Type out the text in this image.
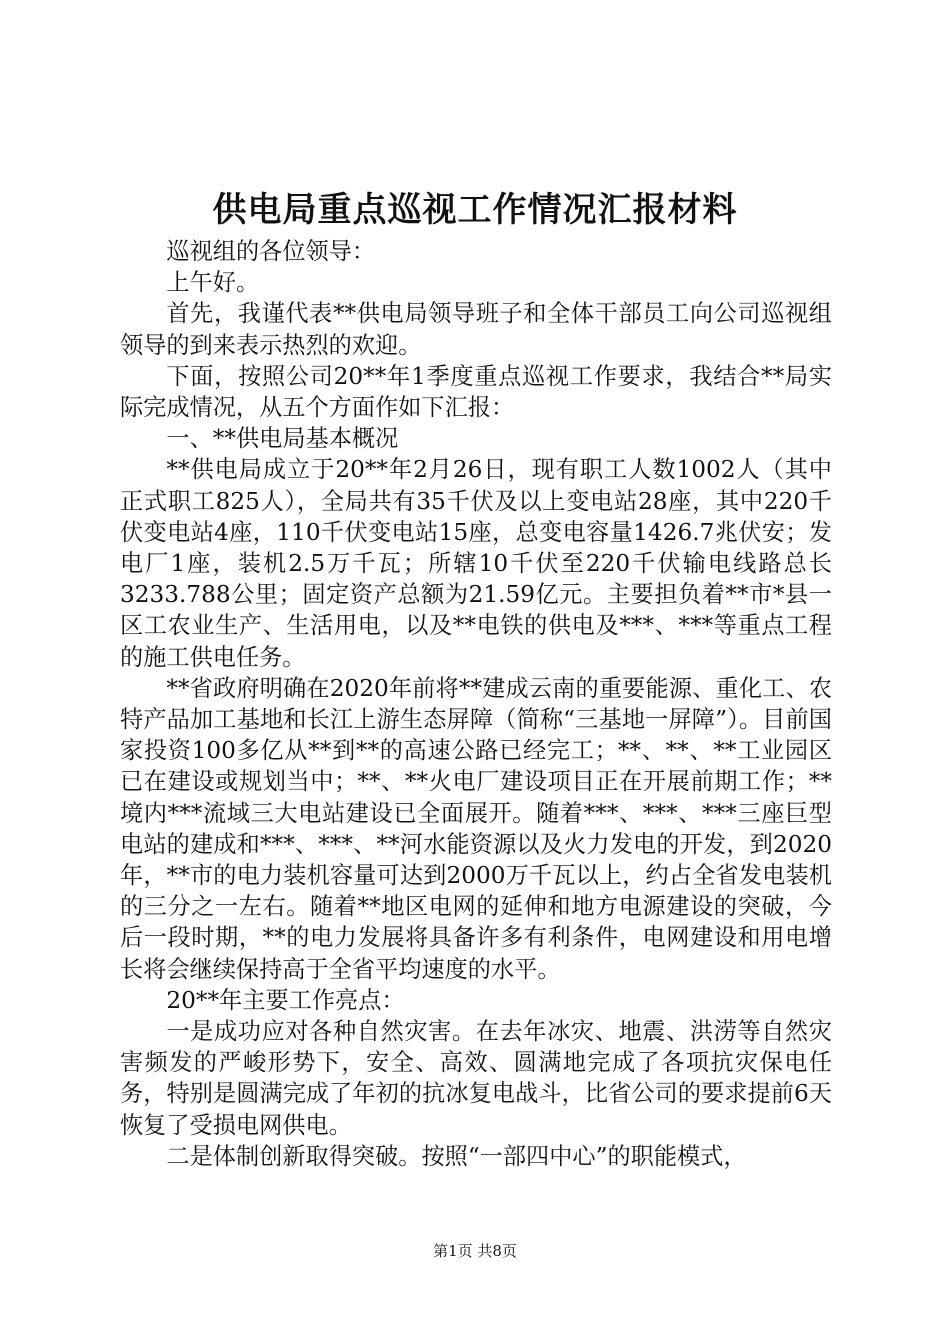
供电局重点巡视工作情况汇报材料

巡视组的各位领导：

上午好。

首先，我谨代表**供电局领导班子和全体干部员工向公司巡视组领导的到来表示热烈的欢迎。

下面，按照公司20**年1季度重点巡视工作要求，我结合**局实际完成情况，从五个方面作如下汇报：

一、**供电局基本概况

**供电局成立于20**年2月26日，现有职工人数1002人（其中正式职工825人），全局共有35千伏及以上变电站28座，其中220千伏变电站4座，110千伏变电站15座，总变电容量1426.7兆伏安；发电厂1座，装机2.5万千瓦；所辖10千伏至220千伏输电线路总长3233.788公里；固定资产总额为21.59亿元。主要担负着**市*县一区工农业生产、生活用电，以及**电铁的供电及***、***等重点工程的施工供电任务。

**省政府明确在2020年前将**建成云南的重要能源、重化工、农特产品加工基地和长江上游生态屏障（简称“三基地一屏障”）。目前国家投资100多亿从**到**的高速公路已经完工；**、**、**工业园区已在建设或规划当中；**、**火电厂建设项目正在开展前期工作；**境内***流域三大电站建设已全面展开。随着***、***、***三座巨型电站的建成和***、***、**河水能资源以及火力发电的开发，到2020年，**市的电力装机容量可达到2000万千瓦以上，约占全省发电装机的三分之一左右。随着**地区电网的延伸和地方电源建设的突破，今后一段时期，**的电力发展将具备许多有利条件，电网建设和用电增长将会继续保持高于全省平均速度的水平。

20**年主要工作亮点：

一是成功应对各种自然灾害。在去年冰灾、地震、洪涝等自然灾害频发的严峻形势下，安全、高效、圆满地完成了各项抗灾保电任务，特别是圆满完成了年初的抗冰复电战斗，比省公司的要求提前6天恢复了受损电网供电。

二是体制创新取得突破。按照“一部四中心”的职能模式，

第1页 共8页
